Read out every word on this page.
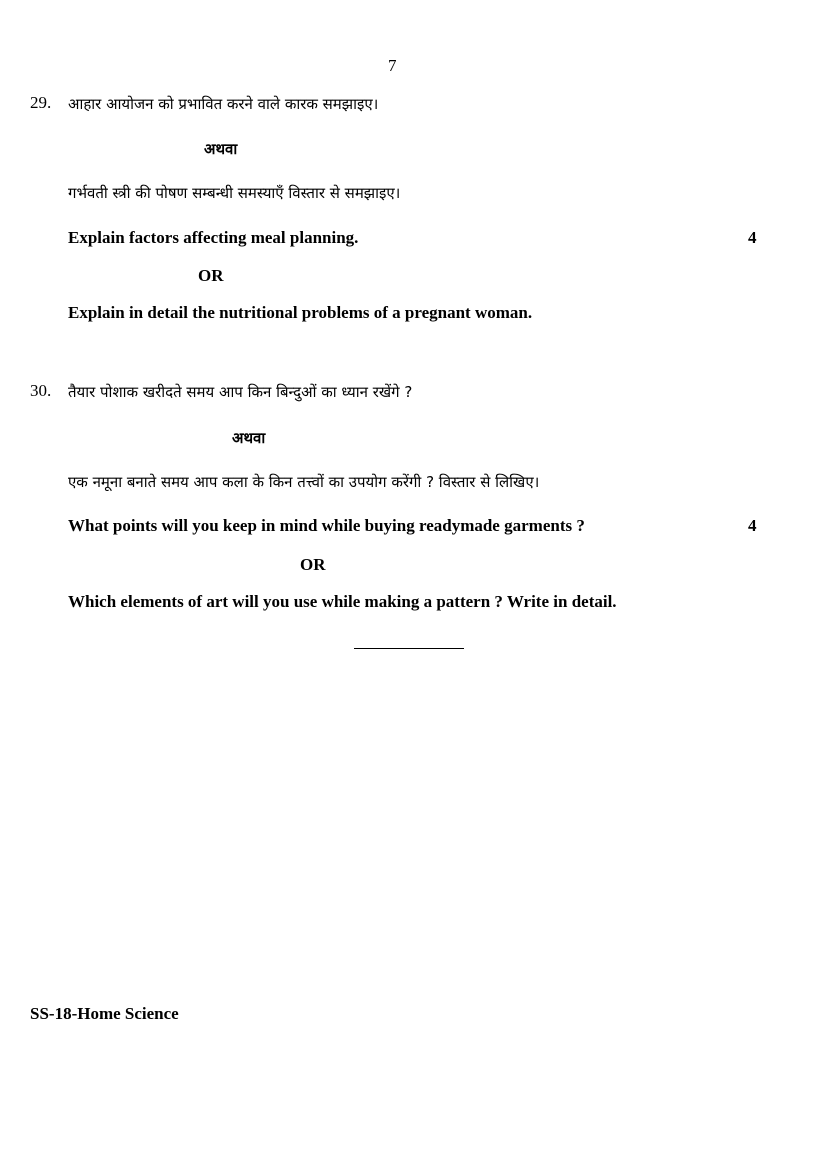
7
29. आहार आयोजन को प्रभावित करने वाले कारक समझाइए।
अथवा
गर्भवती स्त्री की पोषण सम्बन्धी समस्याएँ विस्तार से समझाइए।
Explain factors affecting meal planning.	4
OR
Explain in detail the nutritional problems of a pregnant woman.
30. तैयार पोशाक खरीदते समय आप किन बिन्दुओं का ध्यान रखेंगे ?
अथवा
एक नमूना बनाते समय आप कला के किन तत्त्वों का उपयोग करेंगी ? विस्तार से लिखिए।
What points will you keep in mind while buying readymade garments ?	4
OR
Which elements of art will you use while making a pattern ? Write in detail.
SS-18-Home Science
